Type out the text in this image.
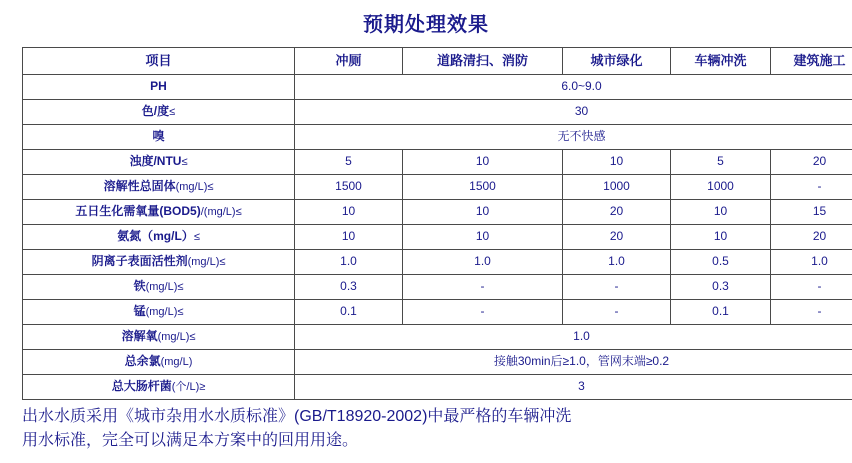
预期处理效果
项目	冲厕	道路清扫、消防	城市绿化	车辆冲洗	建筑施工
PH	6.0~9.0				
色/度≤	30				
嗅	无不快感				
浊度/NTU≤	5	10	10	5	20
溶解性总固体(mg/L)≤	1500	1500	1000	1000	-
五日生化需氧量(BOD5)/(mg/L)≤	10	10	20	10	15
氨氮（mg/L）≤	10	10	20	10	20
阴离子表面活性剂(mg/L)≤	1.0	1.0	1.0	0.5	1.0
铁(mg/L)≤	0.3	-	-	0.3	-
锰(mg/L)≤	0.1	-	-	0.1	-
溶解氧(mg/L)≤	1.0				
总余氯(mg/L)	接触30min后≥1.0，管网末端≥0.2				
总大肠杆菌(个/L)≥	3				
出水水质采用《城市杂用水水质标准》(GB/T18920-2002)中最严格的车辆冲洗
用水标准，完全可以满足本方案中的回用用途。
